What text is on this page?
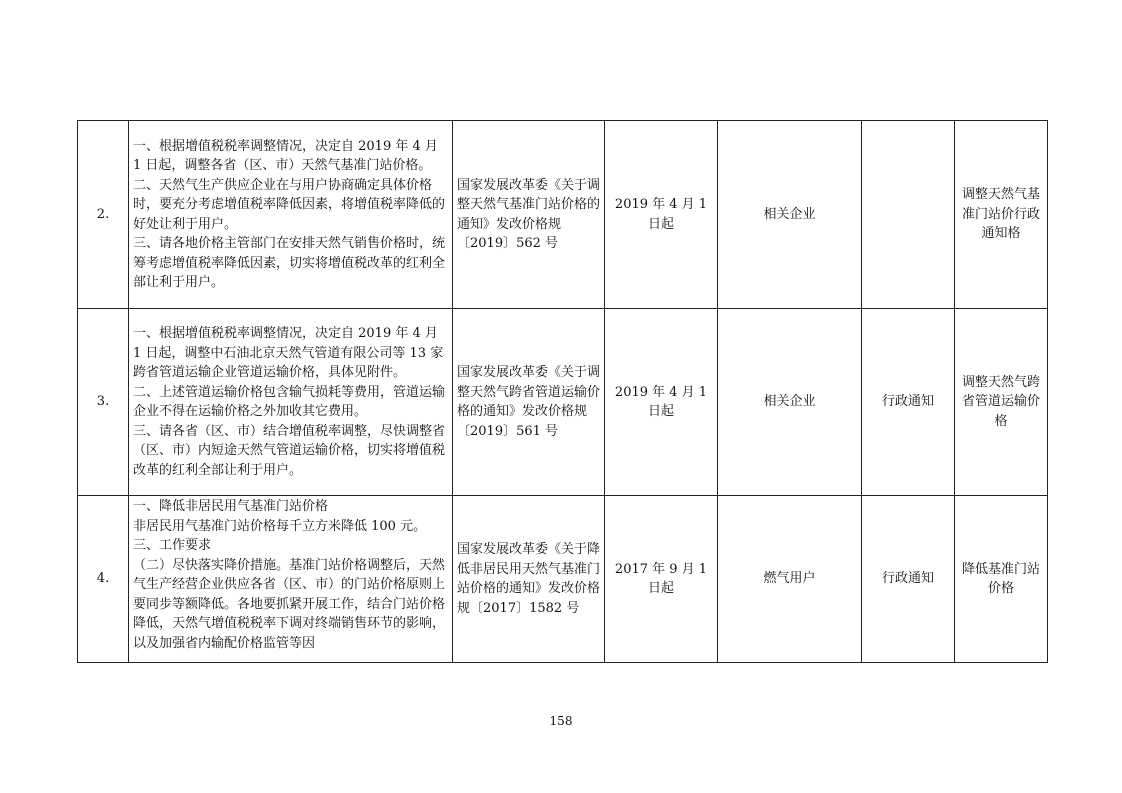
2.	一、根据增值税税率调整情况，决定自 2019 年 4 月 1 日起，调整各省（区、市）天然气基准门站价格。

二、天然气生产供应企业在与用户协商确定具体价格时，要充分考虑增值税率降低因素，将增值税率降低的好处让利于用户。

三、请各地价格主管部门在安排天然气销售价格时，统筹考虑增值税率降低因素，切实将增值税改革的红利全部让利于用户。	国家发展改革委《关于调整天然气基准门站价格的通知》发改价格规〔2019〕562 号	2019 年 4 月 1 日起	相关企业		调整天然气基准门站价行政通知格
3.	一、根据增值税税率调整情况，决定自 2019 年 4 月 1 日起，调整中石油北京天然气管道有限公司等 13 家跨省管道运输企业管道运输价格，具体见附件。

二、上述管道运输价格包含输气损耗等费用，管道运输企业不得在运输价格之外加收其它费用。

三、请各省（区、市）结合增值税率调整，尽快调整省（区、市）内短途天然气管道运输价格，切实将增值税改革的红利全部让利于用户。	国家发展改革委《关于调整天然气跨省管道运输价格的通知》发改价格规〔2019〕561 号	2019 年 4 月 1 日起	相关企业	行政通知	调整天然气跨省管道运输价格
4.	一、降低非居民用气基准门站价格

非居民用气基准门站价格每千立方米降低 100 元。

三、工作要求

（二）尽快落实降价措施。基准门站价格调整后，天然气生产经营企业供应各省（区、市）的门站价格原则上要同步等额降低。各地要抓紧开展工作，结合门站价格降低，天然气增值税税率下调对终端销售环节的影响，以及加强省内输配价格监管等因	国家发展改革委《关于降低非居民用天然气基准门站价格的通知》发改价格规〔2017〕1582 号	2017 年 9 月 1 日起	燃气用户	行政通知	降低基准门站价格
158
